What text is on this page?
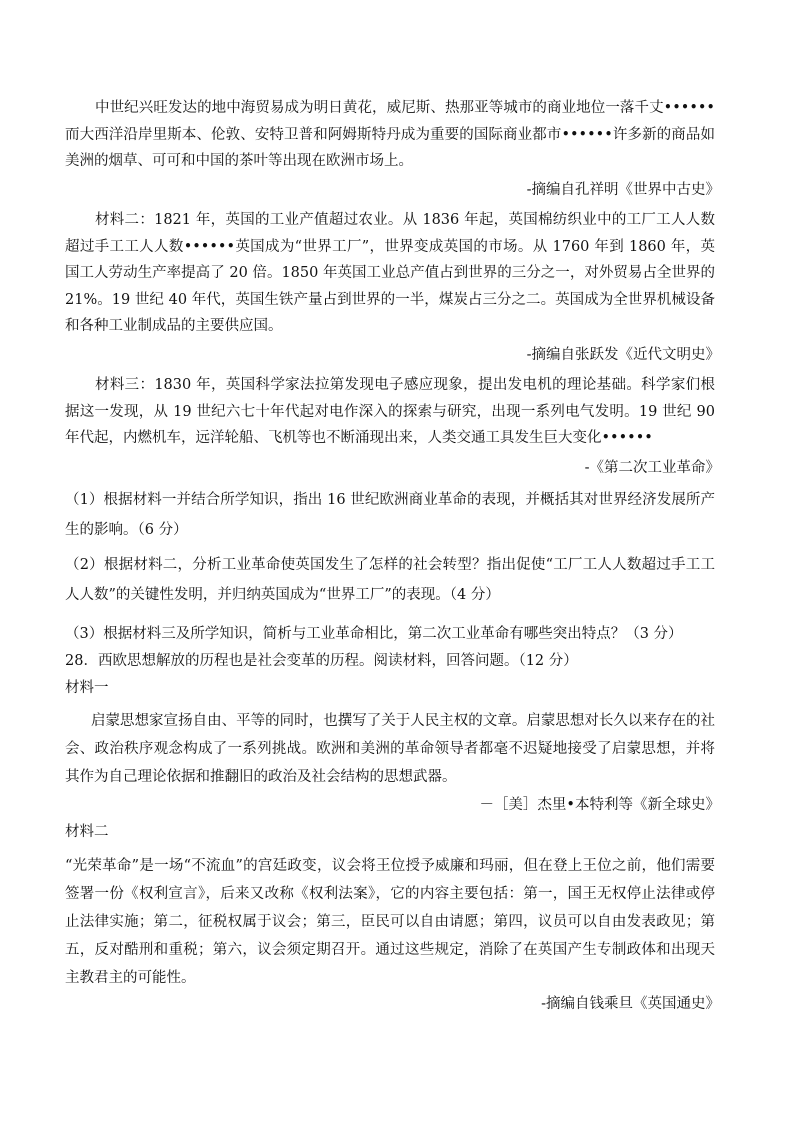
中世纪兴旺发达的地中海贸易成为明日黄花，威尼斯、热那亚等城市的商业地位一落千丈••••••而大西洋沿岸里斯本、伦敦、安特卫普和阿姆斯特丹成为重要的国际商业都市••••••许多新的商品如美洲的烟草、可可和中国的茶叶等出现在欧洲市场上。
-摘编自孔祥明《世界中古史》
材料二：1821 年，英国的工业产值超过农业。从 1836 年起，英国棉纺织业中的工厂工人人数超过手工工人人数••••••英国成为“世界工厂”，世界变成英国的市场。从 1760 年到 1860 年，英国工人劳动生产率提高了 20 倍。1850 年英国工业总产值占到世界的三分之一，对外贸易占全世界的 21%。19 世纪 40 年代，英国生铁产量占到世界的一半，煤炭占三分之二。英国成为全世界机械设备和各种工业制成品的主要供应国。
-摘编自张跃发《近代文明史》
材料三：1830 年，英国科学家法拉第发现电子感应现象，提出发电机的理论基础。科学家们根据这一发现，从 19 世纪六七十年代起对电作深入的探索与研究，出现一系列电气发明。19 世纪 90 年代起，内燃机车，远洋轮船、飞机等也不断涌现出来，人类交通工具发生巨大变化••••••
-《第二次工业革命》
（1）根据材料一并结合所学知识，指出 16 世纪欧洲商业革命的表现，并概括其对世界经济发展所产生的影响。（6 分）
（2）根据材料二，分析工业革命使英国发生了怎样的社会转型？指出促使“工厂工人人数超过手工工人人数”的关键性发明，并归纳英国成为“世界工厂”的表现。（4 分）
（3）根据材料三及所学知识，简析与工业革命相比，第二次工业革命有哪些突出特点？（3 分）
28．西欧思想解放的历程也是社会变革的历程。阅读材料，回答问题。（12 分）
材料一
启蒙思想家宣扬自由、平等的同时，也撰写了关于人民主权的文章。启蒙思想对长久以来存在的社会、政治秩序观念构成了一系列挑战。欧洲和美洲的革命领导者都毫不迟疑地接受了启蒙思想，并将其作为自己理论依据和推翻旧的政治及社会结构的思想武器。
－［美］杰里•本特利等《新全球史》
材料二
“光荣革命”是一场“不流血”的宫廷政变，议会将王位授予威廉和玛丽，但在登上王位之前，他们需要签署一份《权利宣言》，后来又改称《权利法案》，它的内容主要包括：第一，国王无权停止法律或停止法律实施；第二，征税权属于议会；第三，臣民可以自由请愿；第四，议员可以自由发表政见；第五，反对酷刑和重税；第六，议会须定期召开。通过这些规定，消除了在英国产生专制政体和出现天主教君主的可能性。
-摘编自钱乘旦《英国通史》
